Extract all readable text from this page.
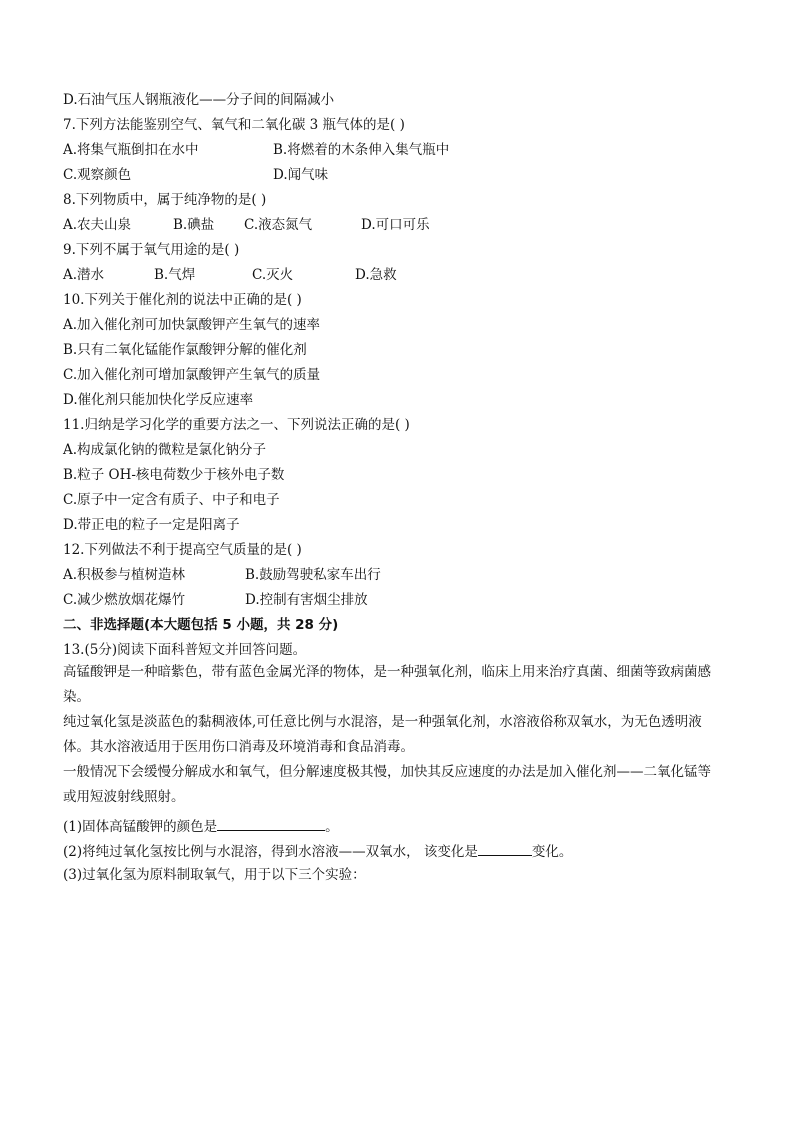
D.石油气压人钢瓶液化——分子间的间隔减小
7.下列方法能鉴别空气、氧气和二氧化碳 3 瓶气体的是( )
A.将集气瓶倒扣在水中	B.将燃着的木条伸入集气瓶中
C.观察颜色	D.闻气味
8.下列物质中，属于纯净物的是( )
A.农夫山泉	B.碘盐 C.液态氮气	D.可口可乐
9.下列不属于氧气用途的是( )
A.潜水	B.气焊	C.灭火	D.急救
10.下列关于催化剂的说法中正确的是( )
A.加入催化剂可加快氯酸钾产生氧气的速率
B.只有二氧化锰能作氯酸钾分解的催化剂
C.加入催化剂可增加氯酸钾产生氧气的质量
D.催化剂只能加快化学反应速率
11.归纳是学习化学的重要方法之一、下列说法正确的是( )
A.构成氯化钠的微粒是氯化钠分子
B.粒子 OH-核电荷数少于核外电子数
C.原子中一定含有质子、中子和电子
D.带正电的粒子一定是阳离子
12.下列做法不利于提高空气质量的是( )
A.积极参与植树造林	B.鼓励驾驶私家车出行
C.减少燃放烟花爆竹	D.控制有害烟尘排放
二、非选择题(本大题包括 5 小题，共 28 分)
13.(5分)阅读下面科普短文并回答问题。
高锰酸钾是一种暗紫色，带有蓝色金属光泽的物体，是一种强氧化剂，临床上用来治疗真菌、细菌等致病菌感染。
纯过氧化氢是淡蓝色的黏稠液体,可任意比例与水混溶，是一种强氧化剂，水溶液俗称双氧水，为无色透明液体。其水溶液适用于医用伤口消毒及环境消毒和食品消毒。
一般情况下会缓慢分解成水和氧气，但分解速度极其慢，加快其反应速度的办法是加入催化剂——二氧化锰等或用短波射线照射。
(1)固体高锰酸钾的颜色是	。
(2)将纯过氧化氢按比例与水混溶，得到水溶液——双氧水， 该变化是	变化。
(3)过氧化氢为原料制取氧气，用于以下三个实验：
